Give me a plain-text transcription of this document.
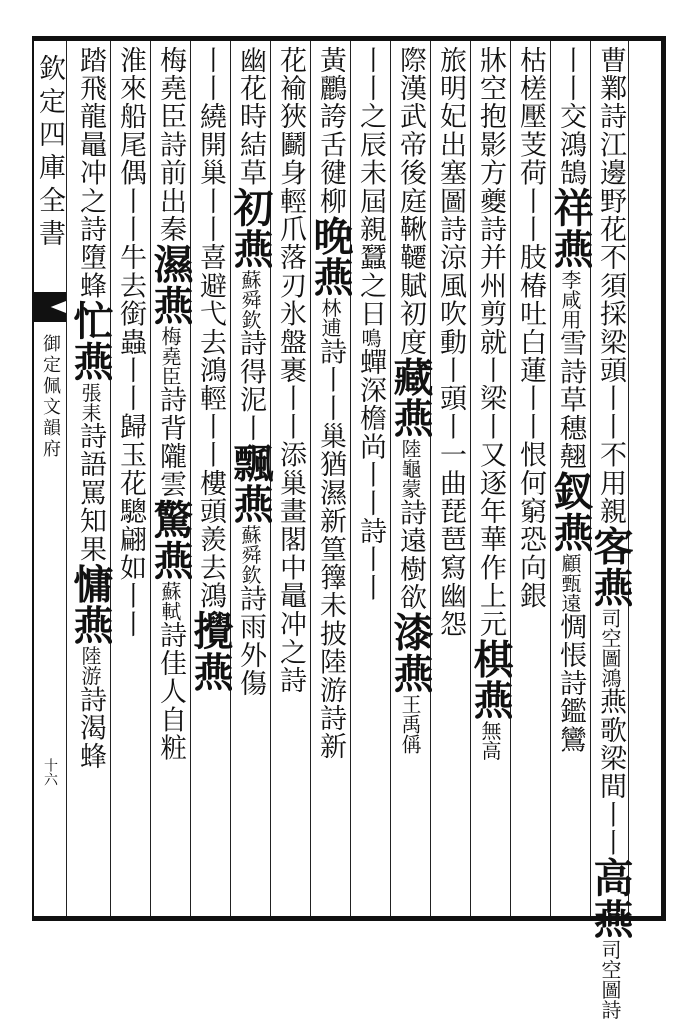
欽定四庫全書
御定佩文韻府
十六
曹鄴詩江邊野花不須採梁頭丨丨不用親客燕司空圖鴻燕歌梁間丨丨高燕司空圖詩
丨丨交鴻鵠祥燕李咸用雪詩草穗翹釵燕顧甄遠惆悵詩鑑鸞
枯槎壓芰荷丨丨肢椿吐白蓮丨丨恨何窮恐向銀
牀空抱影方夔詩并州剪就丨梁丨又逐年華作上元棋燕無高
旅明妃出塞圖詩涼風吹動丨頭丨一曲琵琶寫幽怨
際漢武帝後庭鞦韆賦初度藏燕陸龜蒙詩遠樹欲漆燕王禹偁
丨丨之辰未屆親蠶之日鳴蟬深檐尚丨丨詩丨丨
黃鸝誇舌徤柳晚燕林逋詩丨丨巢猶濕新篁籜未披陸游詩新
花褕狹鬬身輕爪落刃氷盤裹丨丨添巢畫閣中鼂冲之詩
幽花時結草初燕蘇舜欽詩得泥丨飄燕蘇舜欽詩雨外傷
丨丨繞開巢丨丨喜避弋去鴻輕丨丨樓頭羨去鴻攪燕
梅堯臣詩前出秦濕燕梅堯臣詩背隴雲驚燕蘇軾詩佳人自粧
淮來船尾偶丨丨牛去銜蟲丨丨歸玉花驄翩如丨丨
踏飛龍鼂冲之詩墮蜂忙燕張耒詩語罵知果慵燕陸游詩渴蜂
